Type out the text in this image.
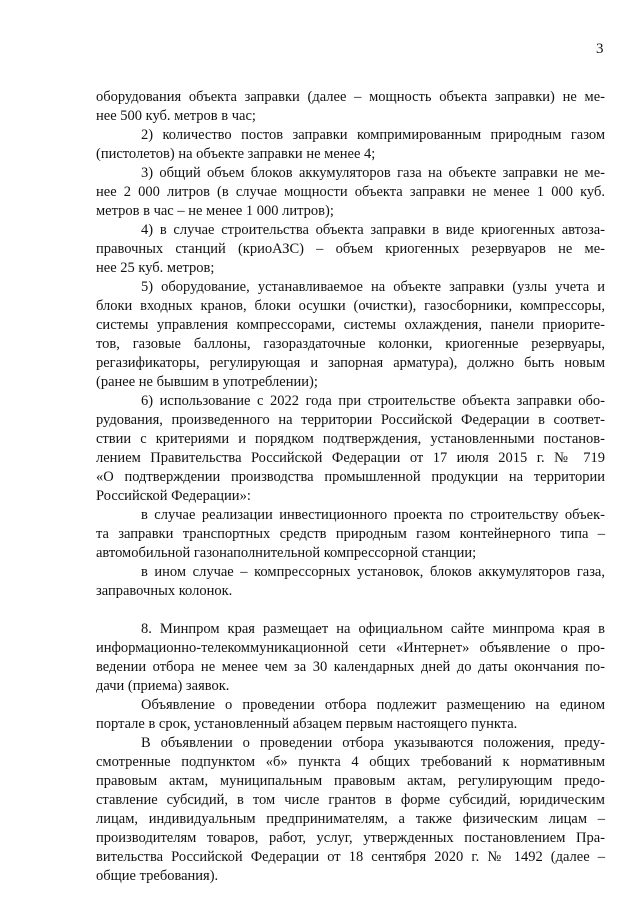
3
оборудования объекта заправки (далее – мощность объекта заправки) не ме-
нее 500 куб. метров в час;
2) количество постов заправки компримированным природным газом
(пистолетов) на объекте заправки не менее 4;
3) общий объем блоков аккумуляторов газа на объекте заправки не ме-
нее 2 000 литров (в случае мощности объекта заправки не менее 1 000 куб.
метров в час – не менее 1 000 литров);
4) в случае строительства объекта заправки в виде криогенных автоза-
правочных станций (криоАЗС) – объем криогенных резервуаров не ме-
нее 25 куб. метров;
5) оборудование, устанавливаемое на объекте заправки (узлы учета и
блоки входных кранов, блоки осушки (очистки), газосборники, компрессоры,
системы управления компрессорами, системы охлаждения, панели приорите-
тов, газовые баллоны, газораздаточные колонки, криогенные резервуары,
регазификаторы, регулирующая и запорная арматура), должно быть новым
(ранее не бывшим в употреблении);
6) использование с 2022 года при строительстве объекта заправки обо-
рудования, произведенного на территории Российской Федерации в соответ-
ствии с критериями и порядком подтверждения, установленными постанов-
лением Правительства Российской Федерации от 17 июля 2015 г. № 719
«О подтверждении производства промышленной продукции на территории
Российской Федерации»:
в случае реализации инвестиционного проекта по строительству объек-
та заправки транспортных средств природным газом контейнерного типа –
автомобильной газонаполнительной компрессорной станции;
в ином случае – компрессорных установок, блоков аккумуляторов газа,
заправочных колонок.
8. Минпром края размещает на официальном сайте минпрома края в
информационно-телекоммуникационной сети «Интернет» объявление о про-
ведении отбора не менее чем за 30 календарных дней до даты окончания по-
дачи (приема) заявок.
Объявление о проведении отбора подлежит размещению на едином
портале в срок, установленный абзацем первым настоящего пункта.
В объявлении о проведении отбора указываются положения, преду-
смотренные подпунктом «б» пункта 4 общих требований к нормативным
правовым актам, муниципальным правовым актам, регулирующим предо-
ставление субсидий, в том числе грантов в форме субсидий, юридическим
лицам, индивидуальным предпринимателям, а также физическим лицам –
производителям товаров, работ, услуг, утвержденных постановлением Пра-
вительства Российской Федерации от 18 сентября 2020 г. № 1492 (далее –
общие требования).
